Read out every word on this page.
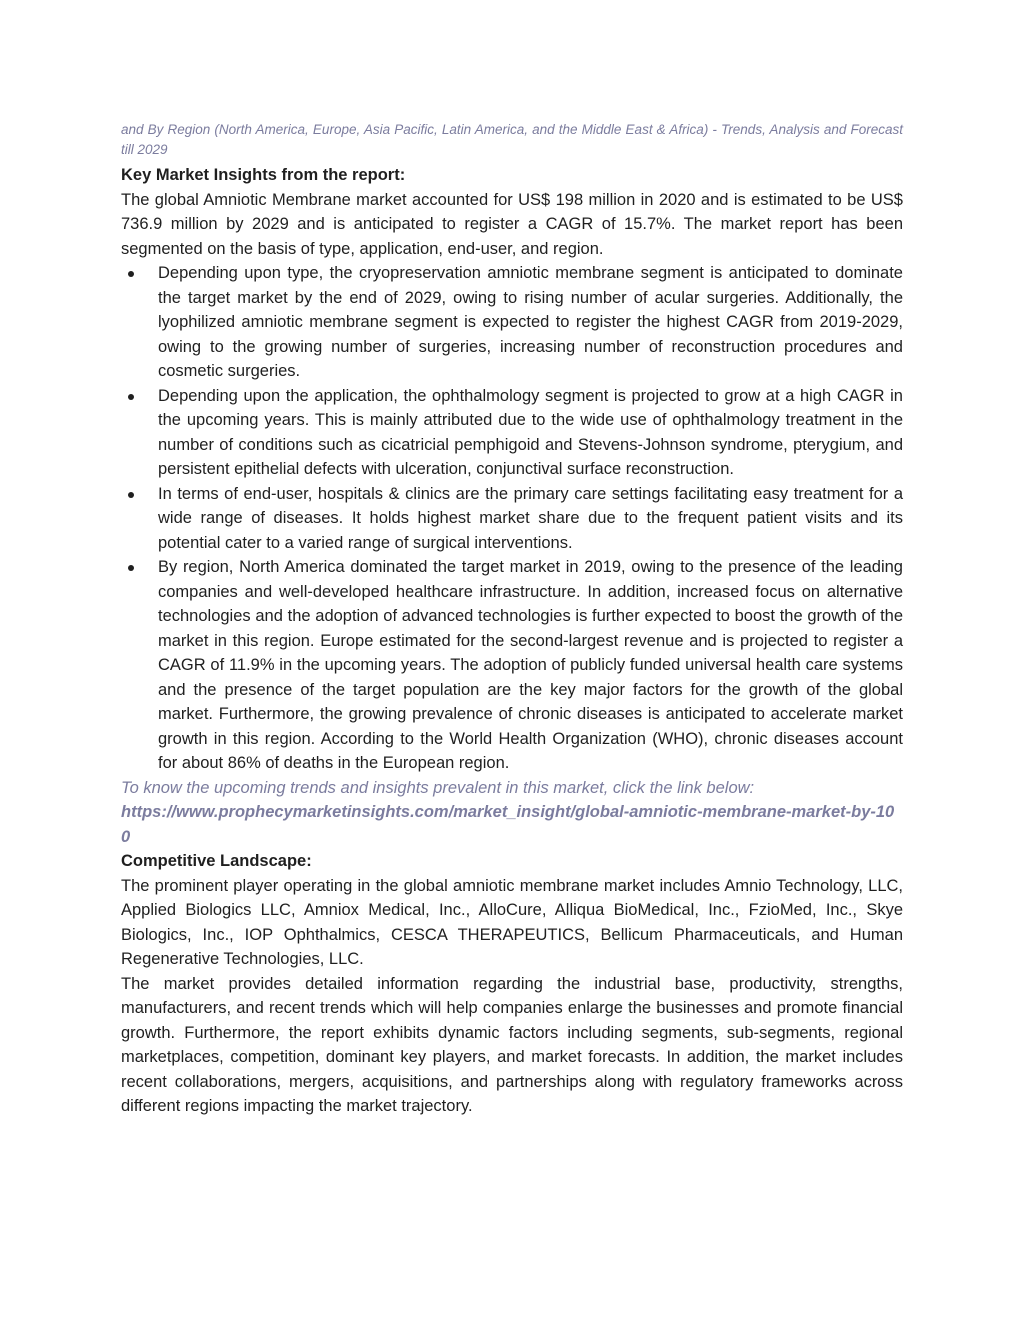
and By Region (North America, Europe, Asia Pacific, Latin America, and the Middle East & Africa) - Trends, Analysis and Forecast till 2029

Key Market Insights from the report:

The global Amniotic Membrane market accounted for US$ 198 million in 2020 and is estimated to be US$ 736.9 million by 2029 and is anticipated to register a CAGR of 15.7%. The market report has been segmented on the basis of type, application, end-user, and region.

Depending upon type, the cryopreservation amniotic membrane segment is anticipated to dominate the target market by the end of 2029, owing to rising number of acular surgeries. Additionally, the lyophilized amniotic membrane segment is expected to register the highest CAGR from 2019-2029, owing to the growing number of surgeries, increasing number of reconstruction procedures and cosmetic surgeries.
Depending upon the application, the ophthalmology segment is projected to grow at a high CAGR in the upcoming years. This is mainly attributed due to the wide use of ophthalmology treatment in the number of conditions such as cicatricial pemphigoid and Stevens-Johnson syndrome, pterygium, and persistent epithelial defects with ulceration, conjunctival surface reconstruction.
In terms of end-user, hospitals & clinics are the primary care settings facilitating easy treatment for a wide range of diseases. It holds highest market share due to the frequent patient visits and its potential cater to a varied range of surgical interventions.
By region, North America dominated the target market in 2019, owing to the presence of the leading companies and well-developed healthcare infrastructure. In addition, increased focus on alternative technologies and the adoption of advanced technologies is further expected to boost the growth of the market in this region. Europe estimated for the second-largest revenue and is projected to register a CAGR of 11.9% in the upcoming years. The adoption of publicly funded universal health care systems and the presence of the target population are the key major factors for the growth of the global market. Furthermore, the growing prevalence of chronic diseases is anticipated to accelerate market growth in this region. According to the World Health Organization (WHO), chronic diseases account for about 86% of deaths in the European region.

To know the upcoming trends and insights prevalent in this market, click the link below:

https://www.prophecymarketinsights.com/market_insight/global-amniotic-membrane-market-by-100

Competitive Landscape:

The prominent player operating in the global amniotic membrane market includes Amnio Technology, LLC, Applied Biologics LLC, Amniox Medical, Inc., AlloCure, Alliqua BioMedical, Inc., FzioMed, Inc., Skye Biologics, Inc., IOP Ophthalmics, CESCA THERAPEUTICS, Bellicum Pharmaceuticals, and Human Regenerative Technologies, LLC.

The market provides detailed information regarding the industrial base, productivity, strengths, manufacturers, and recent trends which will help companies enlarge the businesses and promote financial growth. Furthermore, the report exhibits dynamic factors including segments, sub-segments, regional marketplaces, competition, dominant key players, and market forecasts. In addition, the market includes recent collaborations, mergers, acquisitions, and partnerships along with regulatory frameworks across different regions impacting the market trajectory.
